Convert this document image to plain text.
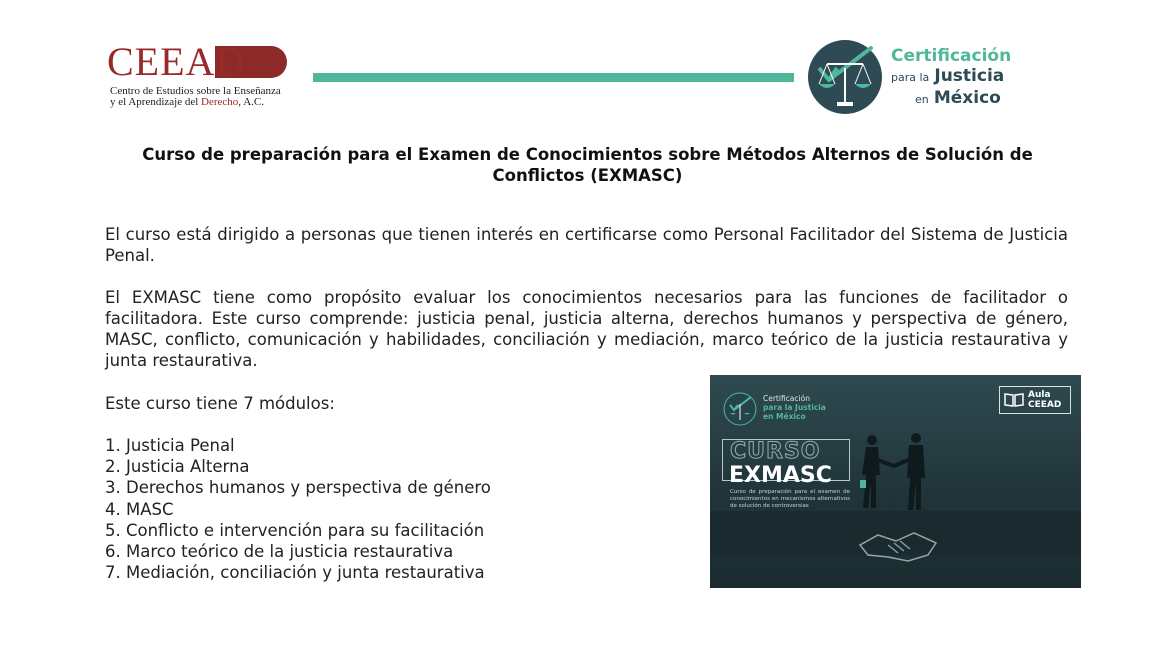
CEEAD
Centro de Estudios sobre la Enseñanza
y el Aprendizaje del Derecho, A.C.
Certificación
para la Justicia
en México
Curso de preparación para el Examen de Conocimientos sobre Métodos Alternos de Solución de Conflictos (EXMASC)
El curso está dirigido a personas que tienen interés en certificarse como Personal Facilitador del Sistema de Justicia Penal.
El EXMASC tiene como propósito evaluar los conocimientos necesarios para las funciones de facilitador o facilitadora. Este curso comprende: justicia penal, justicia alterna, derechos humanos y perspectiva de género, MASC, conflicto, comunicación y habilidades, conciliación y mediación, marco teórico de la justicia restaurativa y junta restaurativa.
Este curso tiene 7 módulos:
1. Justicia Penal
2. Justicia Alterna
3. Derechos humanos y perspectiva de género
4. MASC
5. Conflicto e intervención para su facilitación
6. Marco teórico de la justicia restaurativa
7. Mediación, conciliación y junta restaurativa
Certificación
para la Justicia
en México
Aula
CEEAD
CURSO
EXMASC
Curso de preparación para el examen de conocimientos en mecanismos alternativos de solución de controversias
